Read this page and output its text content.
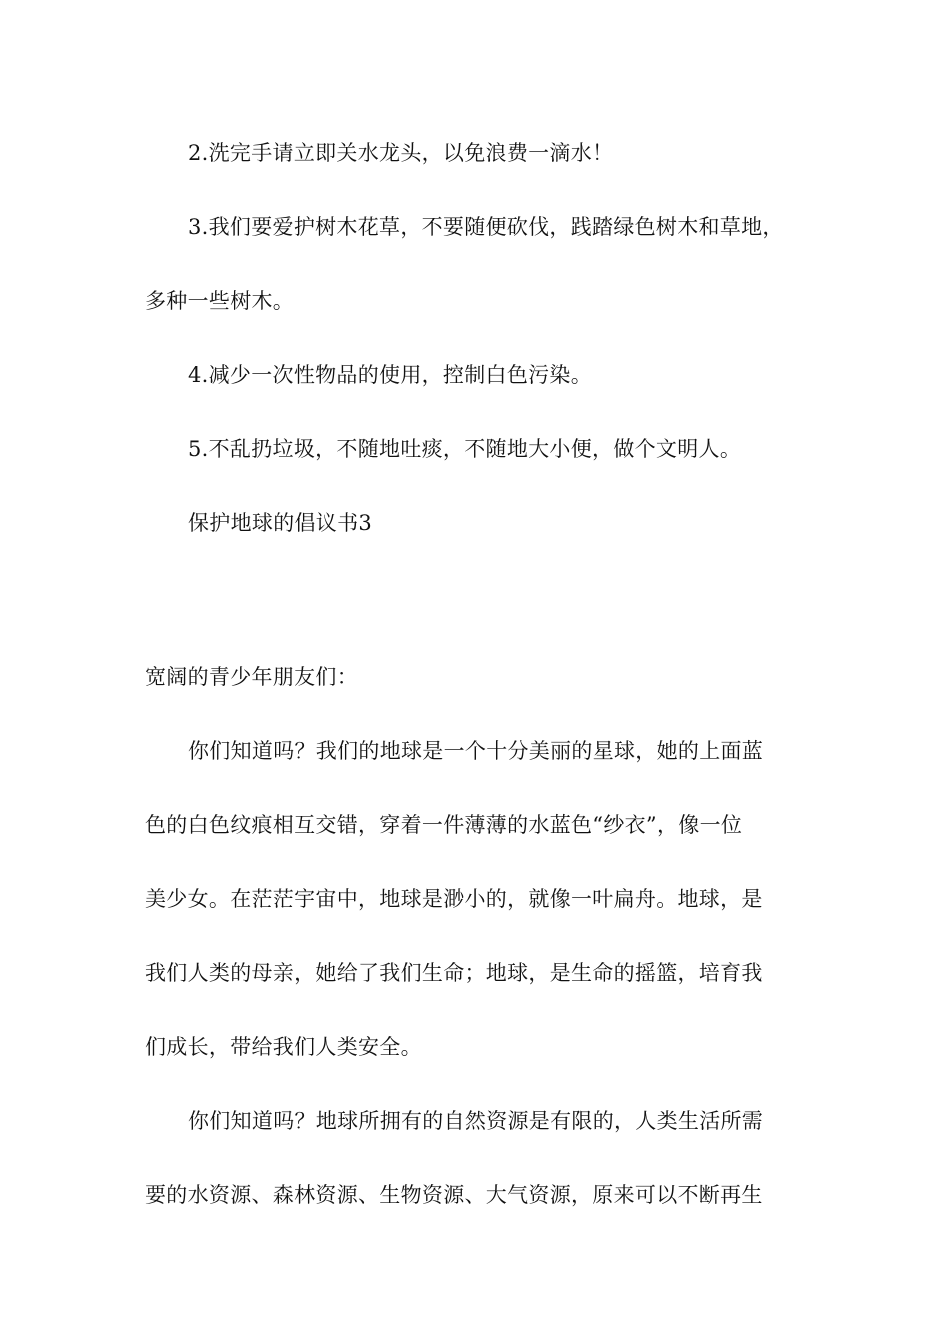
2.洗完手请立即关水龙头，以免浪费一滴水！
3.我们要爱护树木花草，不要随便砍伐，践踏绿色树木和草地，
多种一些树木。
4.减少一次性物品的使用，控制白色污染。
5.不乱扔垃圾，不随地吐痰，不随地大小便，做个文明人。
保护地球的倡议书3
宽阔的青少年朋友们：
你们知道吗？我们的地球是一个十分美丽的星球，她的上面蓝
色的白色纹痕相互交错，穿着一件薄薄的水蓝色“纱衣”，像一位
美少女。在茫茫宇宙中，地球是渺小的，就像一叶扁舟。地球，是
我们人类的母亲，她给了我们生命；地球，是生命的摇篮，培育我
们成长，带给我们人类安全。
你们知道吗？地球所拥有的自然资源是有限的，人类生活所需
要的水资源、森林资源、生物资源、大气资源，原来可以不断再生
